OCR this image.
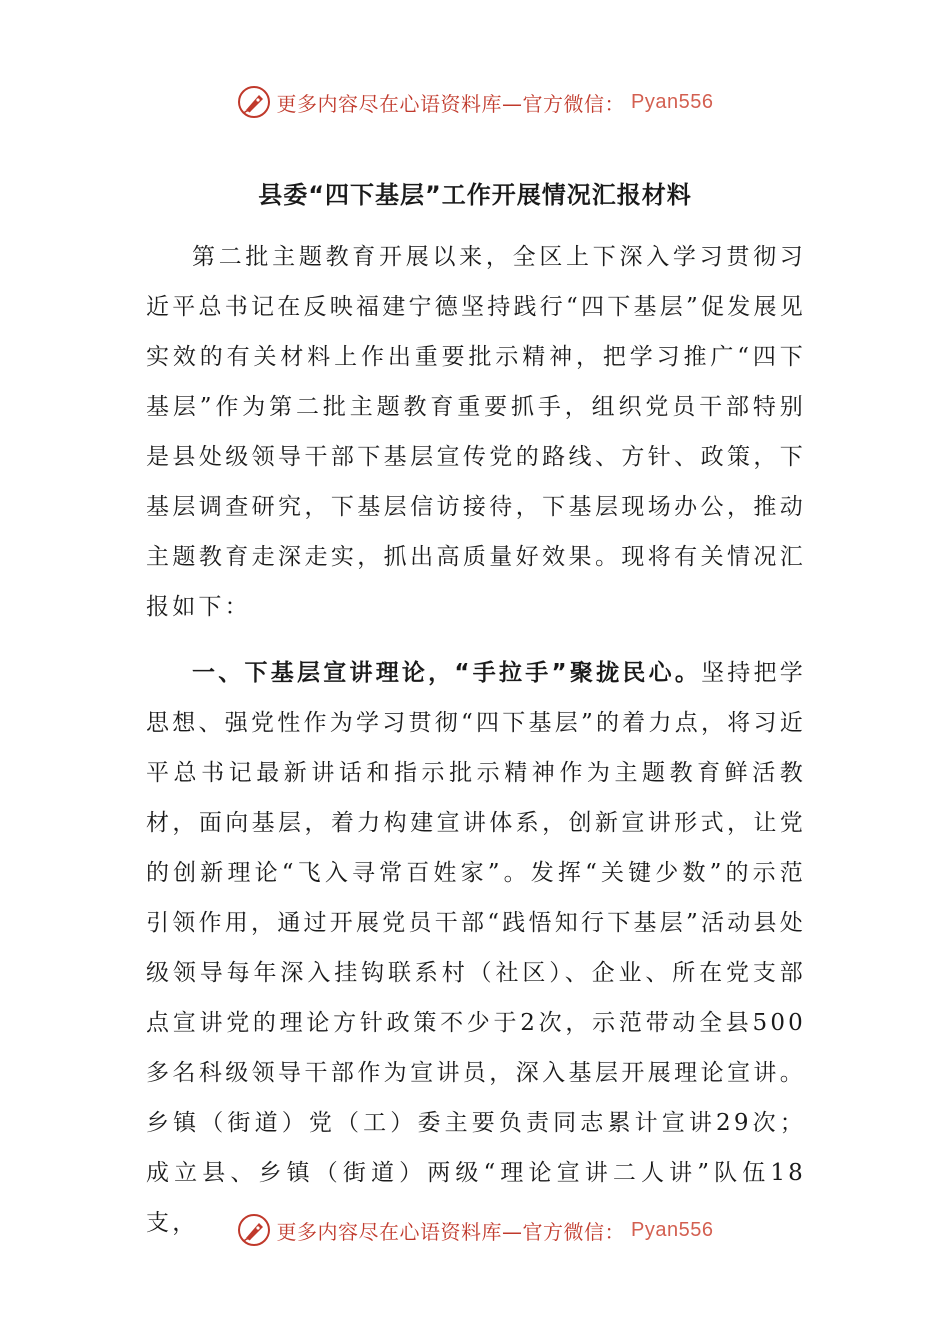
更多内容尽在心语资料库—官方微信： Pyan556
县委“四下基层”工作开展情况汇报材料

第二批主题教育开展以来，全区上下深入学习贯彻习近平总书记在反映福建宁德坚持践行“四下基层”促发展见实效的有关材料上作出重要批示精神，把学习推广“四下基层”作为第二批主题教育重要抓手，组织党员干部特别是县处级领导干部下基层宣传党的路线、方针、政策，下基层调查研究，下基层信访接待，下基层现场办公，推动主题教育走深走实，抓出高质量好效果。现将有关情况汇报如下：

一、下基层宣讲理论，“手拉手”聚拢民心。坚持把学思想、强党性作为学习贯彻“四下基层”的着力点，将习近平总书记最新讲话和指示批示精神作为主题教育鲜活教材，面向基层，着力构建宣讲体系，创新宣讲形式，让党的创新理论“飞入寻常百姓家”。发挥“关键少数”的示范引领作用，通过开展党员干部“践悟知行下基层”活动县处级领导每年深入挂钩联系村（社区）、企业、所在党支部点宣讲党的理论方针政策不少于2次，示范带动全县500多名科级领导干部作为宣讲员，深入基层开展理论宣讲。乡镇（街道）党（工）委主要负责同志累计宣讲29次；成立县、乡镇（街道）两级“理论宣讲二人讲”队伍18支，	更多内容尽在心语资料库—官方微信： Pyan556
